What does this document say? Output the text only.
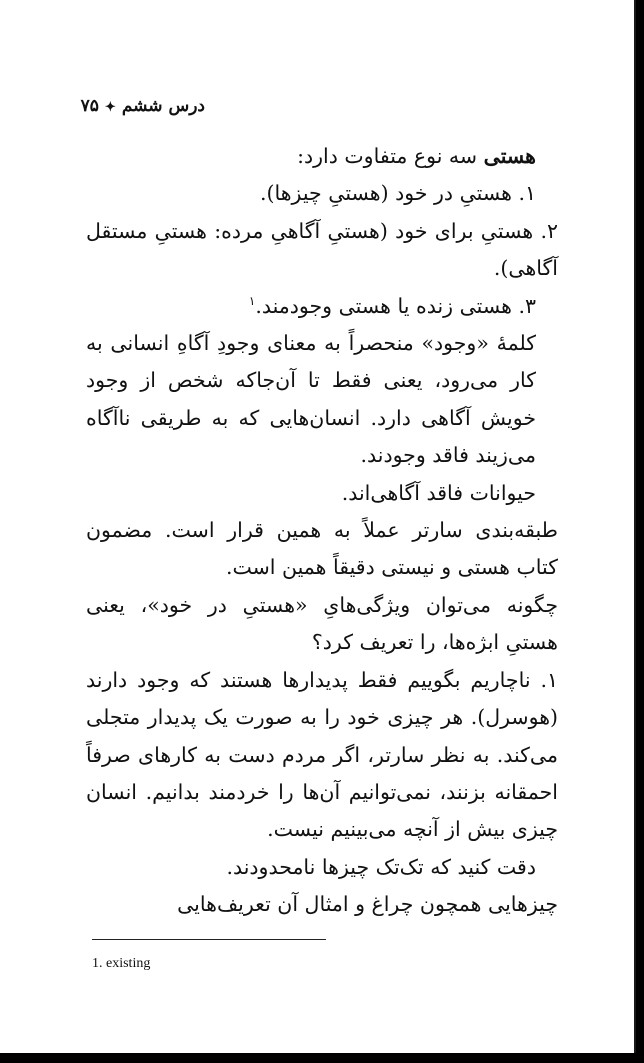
درس ششم✦۷۵

هستی سه نوع متفاوت دارد:

۱. هستیِ در خود (هستیِ چیزها).

۲. هستیِ برای خود (هستیِ آگاهیِ مرده: هستیِ مستقل آگاهی).

۳. هستی زنده یا هستی وجودمند.$^۱$

کلمهٔ «وجود» منحصراً به معنای وجودِ آگاهِ انسانی به کار می‌رود، یعنی فقط تا آن‌جاکه شخص از وجود خویش آگاهی دارد. انسان‌هایی که به طریقی ناآگاه می‌زیند فاقد وجودند.

حیوانات فاقد آگاهی‌اند.

طبقه‌بندی سارتر عملاً به همین قرار است. مضمون کتاب هستی و نیستی دقیقاً همین است.

چگونه می‌توان ویژگی‌هایِ «هستیِ در خود»، یعنی هستیِ ابژه‌ها، را تعریف کرد؟

۱. ناچاریم بگوییم فقط پدیدارها هستند که وجود دارند (هوسرل). هر چیزی خود را به صورت یک پدیدار متجلی می‌کند. به نظر سارتر، اگر مردم دست به کارهای صرفاً احمقانه بزنند، نمی‌توانیم آن‌ها را خردمند بدانیم. انسان چیزی بیش از آنچه می‌بینیم نیست.

دقت کنید که تک‌تک چیزها نامحدودند.

چیزهایی همچون چراغ و امثال آن تعریف‌هایی

1. existing
